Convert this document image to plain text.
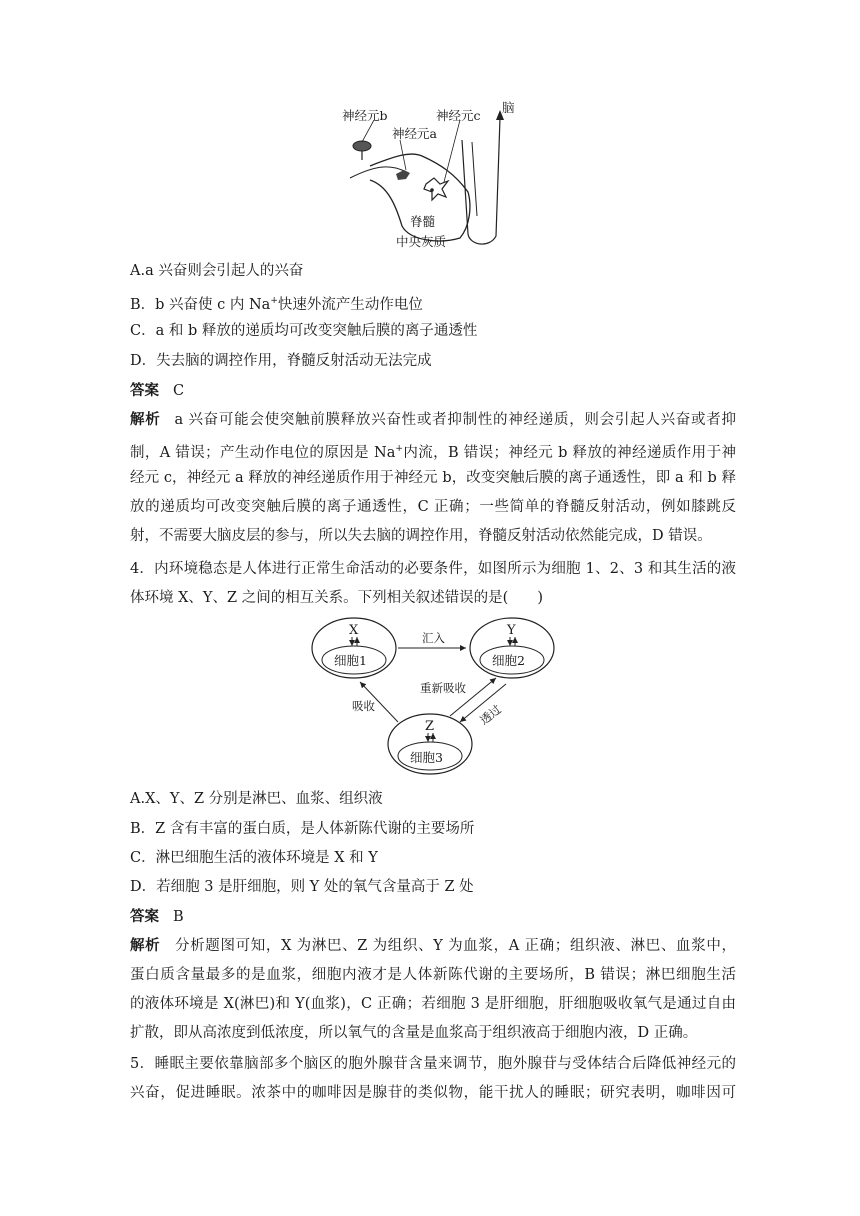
神经元b	神经元c
神经元a
脑
脊髓
中央灰质
A.a 兴奋则会引起人的兴奋
B．b 兴奋使 c 内 Na+快速外流产生动作电位
C．a 和 b 释放的递质均可改变突触后膜的离子通透性
D．失去脑的调控作用，脊髓反射活动无法完成
答案 C
解析 a 兴奋可能会使突触前膜释放兴奋性或者抑制性的神经递质，则会引起人兴奋或者抑
制，A 错误；产生动作电位的原因是 Na+内流，B 错误；神经元 b 释放的神经递质作用于神
经元 c，神经元 a 释放的神经递质作用于神经元 b，改变突触后膜的离子通透性，即 a 和 b 释
放的递质均可改变突触后膜的离子通透性，C 正确；一些简单的脊髓反射活动，例如膝跳反
射，不需要大脑皮层的参与，所以失去脑的调控作用，脊髓反射活动依然能完成，D 错误。
4．内环境稳态是人体进行正常生命活动的必要条件，如图所示为细胞 1、2、3 和其生活的液
体环境 X、Y、Z 之间的相互关系。下列相关叙述错误的是(　　)
X
细胞1
Y
细胞2
Z
细胞3
汇入
吸收
重新吸收
透过
A.X、Y、Z 分别是淋巴、血浆、组织液
B．Z 含有丰富的蛋白质，是人体新陈代谢的主要场所
C．淋巴细胞生活的液体环境是 X 和 Y
D．若细胞 3 是肝细胞，则 Y 处的氧气含量高于 Z 处
答案 B
解析 分析题图可知，X 为淋巴、Z 为组织、Y 为血浆，A 正确；组织液、淋巴、血浆中，
蛋白质含量最多的是血浆，细胞内液才是人体新陈代谢的主要场所，B 错误；淋巴细胞生活
的液体环境是 X(淋巴)和 Y(血浆)，C 正确；若细胞 3 是肝细胞，肝细胞吸收氧气是通过自由
扩散，即从高浓度到低浓度，所以氧气的含量是血浆高于组织液高于细胞内液，D 正确。
5．睡眠主要依靠脑部多个脑区的胞外腺苷含量来调节，胞外腺苷与受体结合后降低神经元的
兴奋，促进睡眠。浓茶中的咖啡因是腺苷的类似物，能干扰人的睡眠；研究表明，咖啡因可
